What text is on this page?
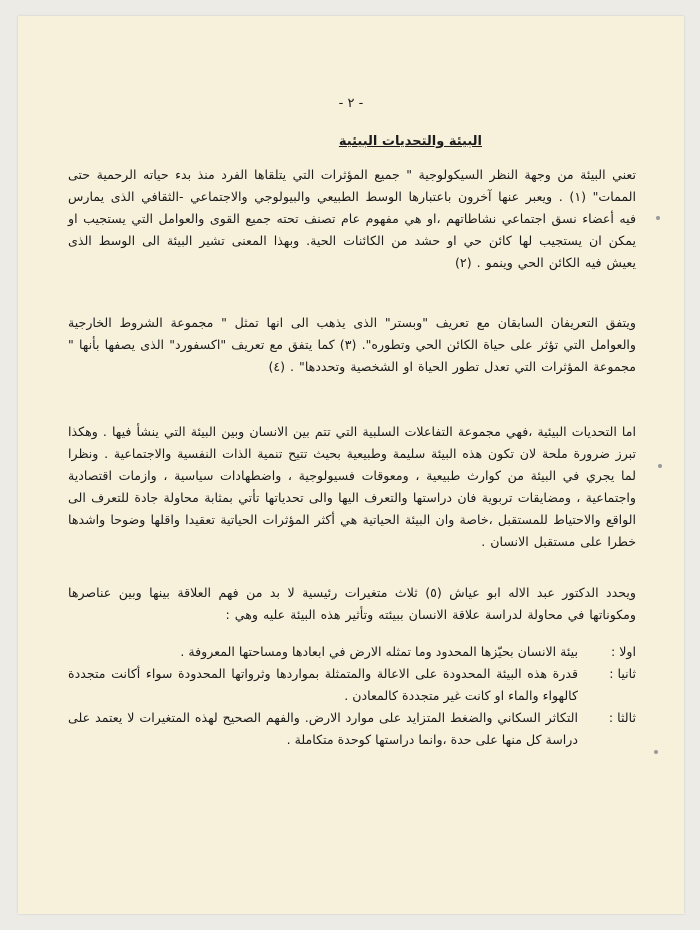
- ٢ -
البيئة والتحديات البيئية

تعني البيئة من وجهة النظر السيكولوجية " جميع المؤثرات التي يتلقاها الفرد منذ بدء حياته الرحمية حتى الممات" (١) . ويعبر عنها آخرون باعتبارها الوسط الطبيعي والبيولوجي والاجتماعي -الثقافي الذى يمارس فيه أعضاء نسق اجتماعي نشاطاتهم ،او هي مفهوم عام تصنف تحته جميع القوى والعوامل التي يستجيب او يمكن ان يستجيب لها كائن حي او حشد من الكائنات الحية. وبهذا المعنى تشير البيئة الى الوسط الذى يعيش فيه الكائن الحي وينمو . (٢)

ويتفق التعريفان السابقان مع تعريف "وبستر" الذى يذهب الى انها تمثل " مجموعة الشروط الخارجية والعوامل التي تؤثر على حياة الكائن الحي وتطوره". (٣) كما يتفق مع تعريف "اكسفورد" الذى يصفها بأنها " مجموعة المؤثرات التي تعدل تطور الحياة او الشخصية وتحددها" . (٤)

اما التحديات البيئية ،فهي مجموعة التفاعلات السلبية التي تتم بين الانسان وبين البيئة التي ينشأ فيها . وهكذا تبرز ضرورة ملحة لان تكون هذه البيئة سليمة وطبيعية بحيث تتيح تنمية الذات النفسية والاجتماعية . ونظرا لما يجري في البيئة من كوارث طبيعية ، ومعوقات فسيولوجية ، واضطهادات سياسية ، وازمات اقتصادية واجتماعية ، ومضايقات تربوية فان دراستها والتعرف اليها والى تحدياتها تأتي بمثابة محاولة جادة للتعرف الى الواقع والاحتياط للمستقبل ،خاصة وان البيئة الحياتية هي أكثر المؤثرات الحياتية تعقيدا واقلها وضوحا واشدها خطرا على مستقبل الانسان .

ويحدد الدكتور عبد الاله ابو عياش (٥) ثلاث متغيرات رئيسية لا بد من فهم العلاقة بينها وبين عناصرها ومكوناتها في محاولة لدراسة علاقة الانسان ببيئته وتأثير هذه البيئة عليه وهي :

اولا :
بيئة الانسان بحيّزها المحدود وما تمثله الارض في ابعادها ومساحتها المعروفة .
ثانيا :
قدرة هذه البيئة المحدودة على الاعالة والمتمثلة بمواردها وثرواتها المحدودة سواء أكانت متجددة كالهواء والماء او كانت غير متجددة كالمعادن .
ثالثا :
التكاثر السكاني والضغط المتزايد على موارد الارض. والفهم الصحيح لهذه المتغيرات لا يعتمد على دراسة كل منها على حدة ،وانما دراستها كوحدة متكاملة .
